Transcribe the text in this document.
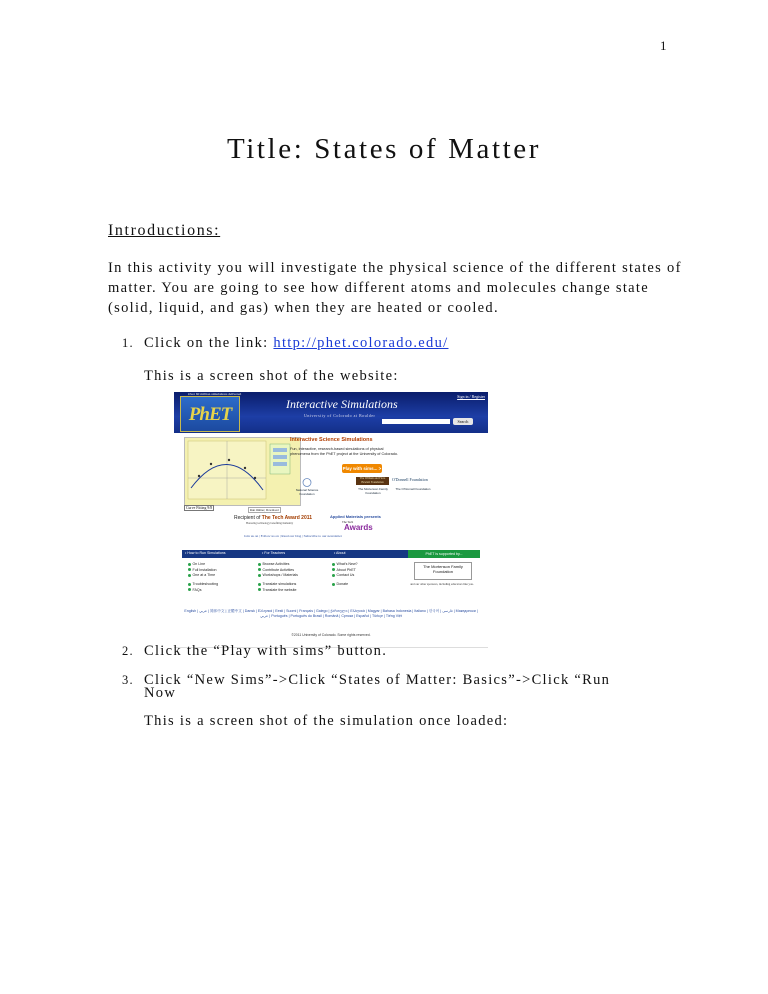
1
Title: States of Matter
Introductions:
In this activity you will investigate the physical science of the different states of matter. You are going to see how different atoms and molecules change state (solid, liquid, and gas) when they are heated or cooled.
1. Click on the link: http://phet.colorado.edu/
This is a screen shot of the website:
PhET
Over 60 million simulations delivered
Interactive Simulations
University of Colorado at Boulder
Sign in / Register
Search
Curve Fitting 9/8	Run Online | Download
Interactive Science Simulations
Fun, interactive, research-based simulations of physical phenomena from the PhET project at the University of Colorado.
Play with sims... >
National Science Foundation
The William and Flora Hewlett Foundation
The Mortenson Family Foundation
O'Donnell Foundation
The O'Donnell Foundation
Recipient of The Tech Award 2011
Honoring technology benefiting humanity
Applied Materials presents
The Tech
Awards
Join us on | Follow us on | Read our blog | Subscribe to our newsletter
• How to Run Simulations	• For Teachers	• About	PhET is supported by...
On Line
Full Installation
One at a Time
Troubleshooting
FAQs
Browse Activities
Contribute Activities
Workshops / Materials
Translate simulations
Translate the website
What's New?
About PhET
Contact Us
Donate
The Mortenson Family Foundation
and our other sponsors, including educators like you.
English | عربي | 简体中文 | 正體中文 | Dansk | Ελληνικά | Eesti | Suomi | Français | Galego | ქართული | Eλληνικά | Magyar | Bahasa Indonesia | Italiano | 한국어 | فارسی | Македонски | عربي | Português | Português do Brasil | Română | Cрпски | Español | Türkçe | Tiếng Việt
©2011 University of Colorado. Some rights reserved.
2. Click the “Play with sims” button.
3. Click “New Sims”->Click “States of Matter: Basics”->Click “Run
Now
This is a screen shot of the simulation once loaded:
